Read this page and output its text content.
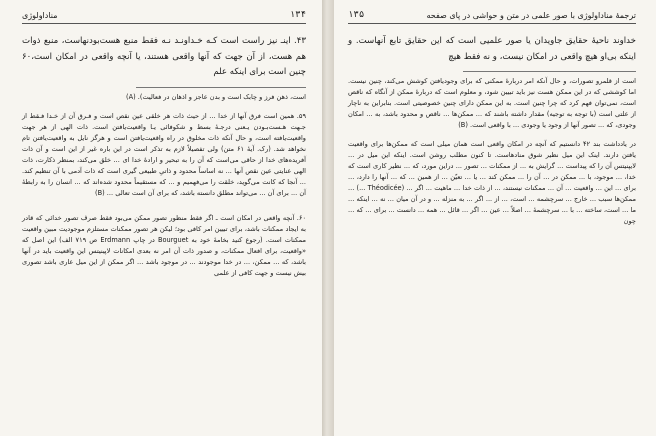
۱۳۴
مناداولوژی

۴۳. اینـ نیز راست است کـه خـداونـد نـه فقط منبع هست‌بودنهاست، منبع ذوات هم هست، از آن جهت که آنها واقعی هستند، یا آنچه واقعی در امکان است،۶۰ چنین است برای اینکه علم

است، ذهن فرز و چابک است و بدن عاجز و اذهان در فعالیت). (A)

۵۹. همین است فرق آنها از خدا ... از حیث ذات هر خلقی عین نقص است و فـرق آن از خـدا فـقط از جـهت هـست‌بـودن یـعنی درجـهٔ بسط و شکوفائی یـا واقعیت‌یافتن است. ذات الهی از هر جهت واقعیت‌یافته است، و حال آنکه ذات مخلوق در راه واقعیت‌یافتن است و هرگز نایل به واقعیت‌یافتن تام نخواهد شد. (رک. آیهٔ ۶۱ متن) ولی تفصیلاً لازم به تذکر است در این باره غیر از این است و آن ذات آفریده‌های خدا از حاقی می‌است که آن را به تبحیر و ارادهٔ خدا ای ... خلق می‌کند، بمنظر ذکارت، ذات الهی عنایتی عین نقص آنها ... نه اساساً محدود و ذاتیِ طبیعی گیری است که ذات آدمی با آن تنظیم کند. ... آنجا که کانت می‌گوید، خلقت را می‌فهمیم و ... که مستقیماً محدود شده‌اند که ... انسان را به رابطهٔ آن ... برای آن ... می‌تواند مطلق دانسته باشد، که برای آن است تعالی ... (B)

۶۰. آنچه واقعی در امکان است ـ اگر فقط منظور تصور ممکن می‌بود فقط صرف تصور خدائی که قادر به ایجاد ممکنات باشد، برای تبیین امر کافی بود؛ لیکن هر تصور ممکنات مستلزم موجودیت مبین واقعیت ممکنات است. (رجوع کنید بخامهٔ خود به Bourguet در چاپ Erdmann ص ۷۱۹ الف) این اصل که «واقعیت، برای افعال ممکنات، و صدور ذات آن امر نه بعدی امکانات لاپینیتس این واقعیت باید در آنها باشد، که ... ممکن، ... در خدا موجودند ... در موجود باشد ... اگر ممکن از این میل عاری باشد تصوری بیش نیست و جهت کافی از علمی

ترجمهٔ مناداولوژی با صور علمی در متن و حواشی در پای صفحه
۱۳۵

خداوند ناحیهٔ حقایق جاویدان یا صور علمیی است که این حقایق تابع آنهاست. و اینکه بی‌او هیچ واقعی در امکان نیست، و نه فقط هیچ

است از قلمرو تصورات، و حال آنکه امر دربارهٔ ممکنی که برای وجودیافتن کوشش می‌کند، چنین نیست. اما کوششی که در این ممکن هست نیز باید تبیین شود، و معلوم است که دربارهٔ ممکن از آنگاه که ناقص است، نمی‌توان فهم کرد که چرا چنین است. به این ممکن دارای چنین خصوصیتی است. بنابراین به ناچار از علتی است (با توجه به توجیه) مقدار داشته باشند که ... ممکن‌ها ... ناقص و محدود باشد، به ... امکان وجودی، که ... تصور آنها از وجود یا وجودی ... با واقعی است. (B)

در یادداشت بند ۴۲ دانستیم که آنچه در امکان واقعی است همان میلی است که ممکن‌ها برای واقعیت یافتن دارند. اینک این میل نظیر شوق منادهاست. تا کنون مطلب روشن است. اینکه این میل در ... لایپنیتس آن را که پیداست ... گرایش به ... از ممکنات ... تصور ... دراین مورد، که ... نظیر کاری است که خدا، ... موجود، با ... ممکن در ... آن را ... ممکن کند ... یا ... تعیّن ... از همین ... که ... آنها را دارد، ... برای ... این ... واقعیت ... آن ... ممکنات نیستند، ... از ذات خدا ... ماهیت ... اگر ... (Théodicée ...) ... ممکن‌ها سبب ... خارج ... سرچشمه ... است، ... از ... اگر ... به منزله ... و در آن میان ... نه ... اینکه ... ما ... است، ساخته ... با ... سرچشمهٔ ... اصلاً ... عین ... اگر ... قائل ... همه ... دانست ... برای ... که ... چون
